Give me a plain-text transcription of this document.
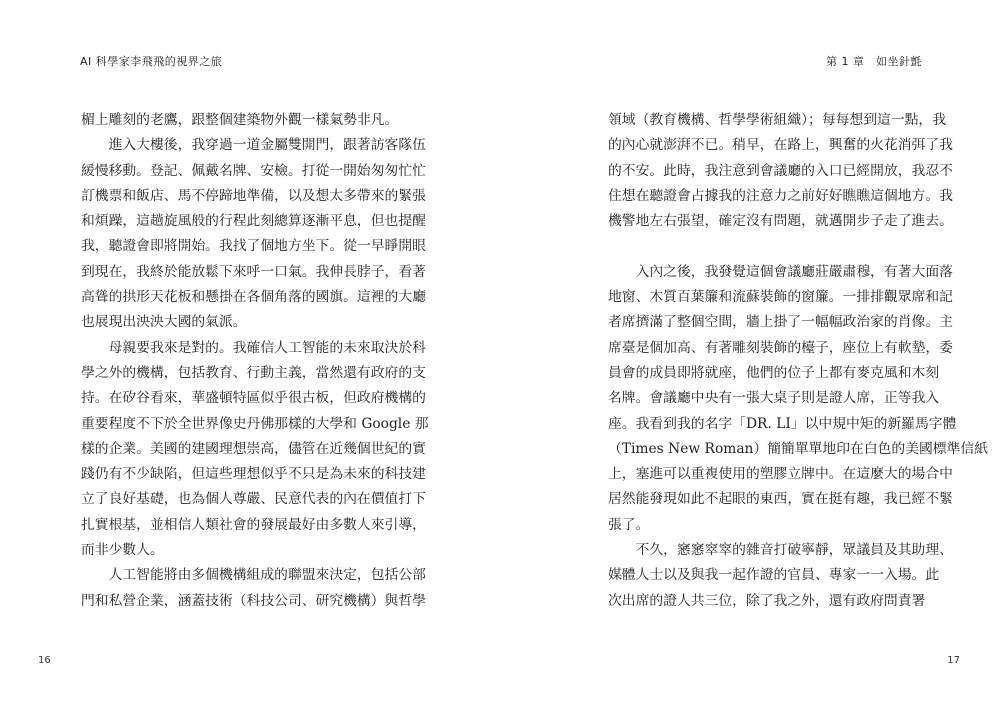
AI 科學家李飛飛的視界之旅	第 1 章　如坐針氈
楣上雕刻的老鷹，跟整個建築物外觀一樣氣勢非凡。
　　進入大樓後，我穿過一道金屬雙開門，跟著訪客隊伍
緩慢移動。登記、佩戴名牌、安檢。打從一開始匆匆忙忙
訂機票和飯店、馬不停蹄地準備，以及想太多帶來的緊張
和煩躁，這趟旋風般的行程此刻總算逐漸平息，但也提醒
我，聽證會即將開始。我找了個地方坐下。從一早睜開眼
到現在，我終於能放鬆下來呼一口氣。我伸長脖子，看著
高聳的拱形天花板和懸掛在各個角落的國旗。這裡的大廳
也展現出泱泱大國的氣派。
　　母親要我來是對的。我確信人工智能的未來取決於科
學之外的機構，包括教育、行動主義，當然還有政府的支
持。在矽谷看來，華盛頓特區似乎很古板，但政府機構的
重要程度不下於全世界像史丹佛那樣的大學和 Google 那
樣的企業。美國的建國理想崇高，儘管在近幾個世紀的實
踐仍有不少缺陷，但這些理想似乎不只是為未來的科技建
立了良好基礎，也為個人尊嚴、民意代表的內在價值打下
扎實根基，並相信人類社會的發展最好由多數人來引導，
而非少數人。
　　人工智能將由多個機構組成的聯盟來決定，包括公部
門和私營企業，涵蓋技術（科技公司、研究機構）與哲學
領域（教育機構、哲學學術組織）；每每想到這一點，我
的內心就澎湃不已。稍早，在路上，興奮的火花消弭了我
的不安。此時，我注意到會議廳的入口已經開放，我忍不
住想在聽證會占據我的注意力之前好好瞧瞧這個地方。我
機警地左右張望，確定沒有問題，就邁開步子走了進去。
　　入內之後，我發覺這個會議廳莊嚴肅穆，有著大面落
地窗、木質百葉簾和流蘇裝飾的窗簾。一排排觀眾席和記
者席擠滿了整個空間，牆上掛了一幅幅政治家的肖像。主
席臺是個加高、有著雕刻裝飾的檯子，座位上有軟墊，委
員會的成員即將就座，他們的位子上都有麥克風和木刻
名牌。會議廳中央有一張大桌子則是證人席，正等我入
座。我看到我的名字「DR. LI」以中規中矩的新羅馬字體
（Times New Roman）簡簡單單地印在白色的美國標準信紙
上，塞進可以重複使用的塑膠立牌中。在這麼大的場合中
居然能發現如此不起眼的東西，實在挺有趣，我已經不緊
張了。
　　不久，窸窸窣窣的雜音打破寧靜，眾議員及其助理、
媒體人士以及與我一起作證的官員、專家一一入場。此
次出席的證人共三位，除了我之外，還有政府問責署
16	17
